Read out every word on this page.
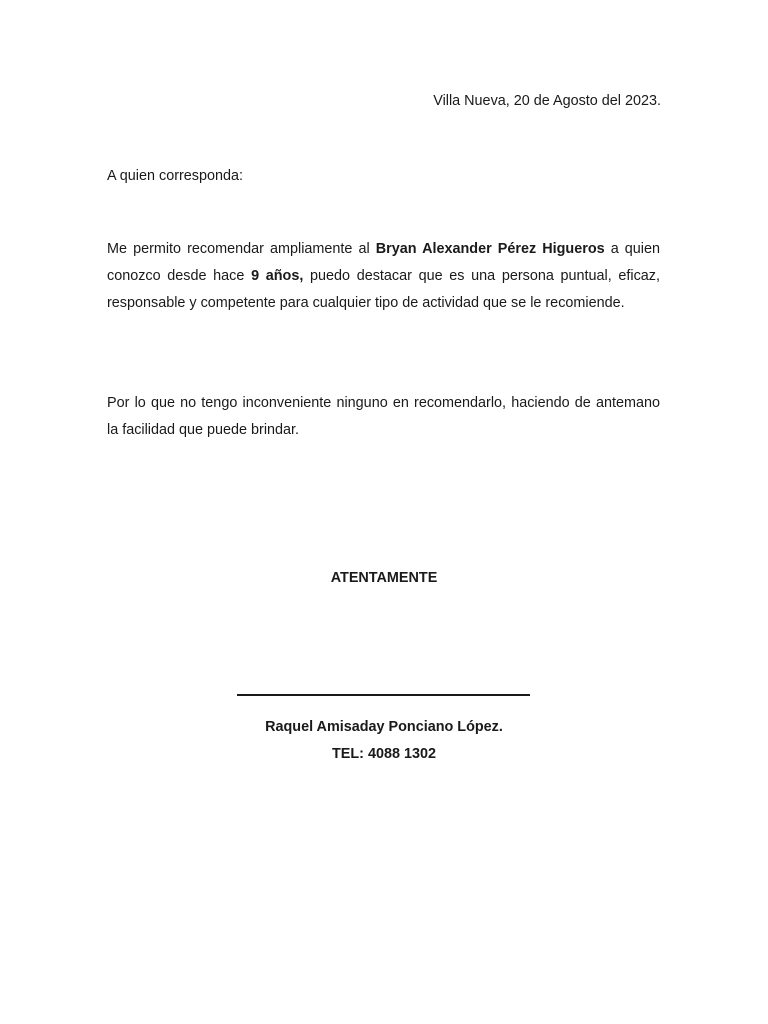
Villa Nueva, 20 de Agosto del 2023.
A quien corresponda:

Me permito recomendar ampliamente al Bryan Alexander Pérez Higueros a quien conozco desde hace 9 años, puedo destacar que es una persona puntual, eficaz, responsable y competente para cualquier tipo de actividad que se le recomiende.

Por lo que no tengo inconveniente ninguno en recomendarlo, haciendo de antemano la facilidad que puede brindar.

ATENTAMENTE
Raquel Amisaday Ponciano López.
TEL: 4088 1302
